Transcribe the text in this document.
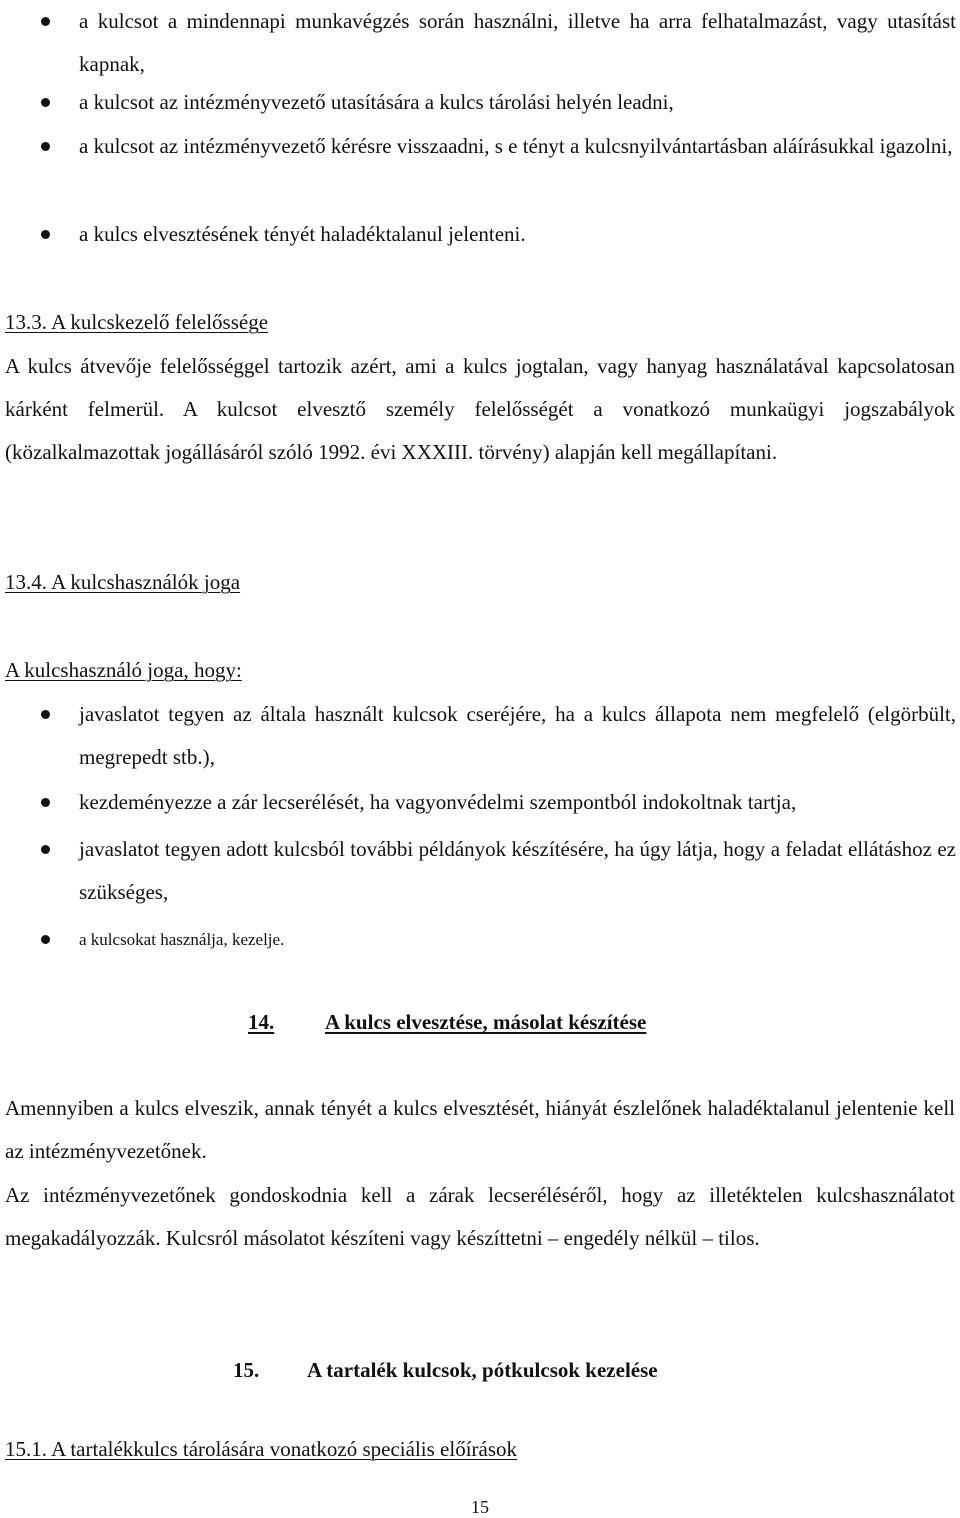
a kulcsot a mindennapi munkavégzés során használni, illetve ha arra felhatalmazást, vagy utasítást kapnak,
a kulcsot az intézményvezető utasítására a kulcs tárolási helyén leadni,
a kulcsot az intézményvezető kérésre visszaadni, s e tényt a kulcsnyilvántartásban aláírásukkal igazolni,
a kulcs elvesztésének tényét haladéktalanul jelenteni.
13.3. A kulcskezelő felelőssége
A kulcs átvevője felelősséggel tartozik azért, ami a kulcs jogtalan, vagy hanyag használatával kapcsolatosan kárként felmerül. A kulcsot elvesztő személy felelősségét a vonatkozó munkaügyi jogszabályok (közalkalmazottak jogállásáról szóló 1992. évi XXXIII. törvény) alapján kell megállapítani.
13.4. A kulcshasználók joga
A kulcshasználó joga, hogy:
javaslatot tegyen az általa használt kulcsok cseréjére, ha a kulcs állapota nem megfelelő (elgörbült, megrepedt stb.),
kezdeményezze a zár lecserélését, ha vagyonvédelmi szempontból indokoltnak tartja,
javaslatot tegyen adott kulcsból további példányok készítésére, ha úgy látja, hogy a feladat ellátáshoz ez szükséges,
a kulcsokat használja, kezelje.
14. A kulcs elvesztése, másolat készítése
Amennyiben a kulcs elveszik, annak tényét a kulcs elvesztését, hiányát észlelőnek haladéktalanul jelentenie kell az intézményvezetőnek.
Az intézményvezetőnek gondoskodnia kell a zárak lecseréléséről, hogy az illetéktelen kulcshasználatot megakadályozzák. Kulcsról másolatot készíteni vagy készíttetni – engedély nélkül – tilos.
15. A tartalék kulcsok, pótkulcsok kezelése
15.1. A tartalékkulcs tárolására vonatkozó speciális előírások
15
